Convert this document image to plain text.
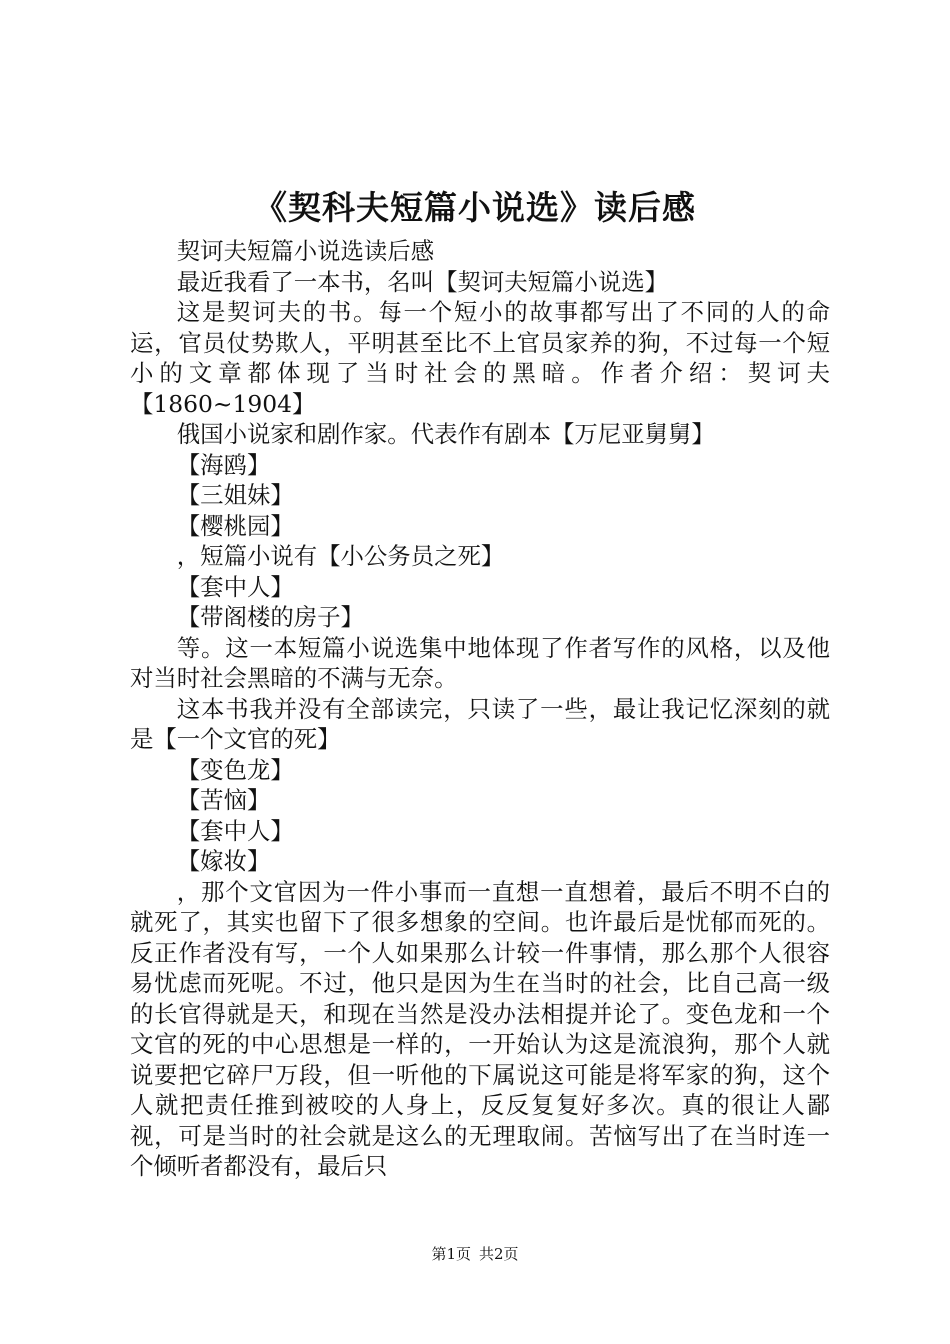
《契科夫短篇小说选》读后感

契诃夫短篇小说选读后感

最近我看了一本书，名叫【契诃夫短篇小说选】

这是契诃夫的书。每一个短小的故事都写出了不同的人的命运，官员仗势欺人，平明甚至比不上官员家养的狗，不过每一个短小的文章都体现了当时社会的黑暗。作者介绍：契诃夫【1860~1904】

俄国小说家和剧作家。代表作有剧本【万尼亚舅舅】

【海鸥】

【三姐妹】

【樱桃园】

，短篇小说有【小公务员之死】

【套中人】

【带阁楼的房子】

等。这一本短篇小说选集中地体现了作者写作的风格，以及他对当时社会黑暗的不满与无奈。

这本书我并没有全部读完，只读了一些，最让我记忆深刻的就是【一个文官的死】

【变色龙】

【苦恼】

【套中人】

【嫁妆】

，那个文官因为一件小事而一直想一直想着，最后不明不白的就死了，其实也留下了很多想象的空间。也许最后是忧郁而死的。反正作者没有写，一个人如果那么计较一件事情，那么那个人很容易忧虑而死呢。不过，他只是因为生在当时的社会，比自己高一级的长官得就是天，和现在当然是没办法相提并论了。变色龙和一个文官的死的中心思想是一样的，一开始认为这是流浪狗，那个人就说要把它碎尸万段，但一听他的下属说这可能是将军家的狗，这个人就把责任推到被咬的人身上，反反复复好多次。真的很让人鄙视，可是当时的社会就是这么的无理取闹。苦恼写出了在当时连一个倾听者都没有，最后只

第1页 共2页
